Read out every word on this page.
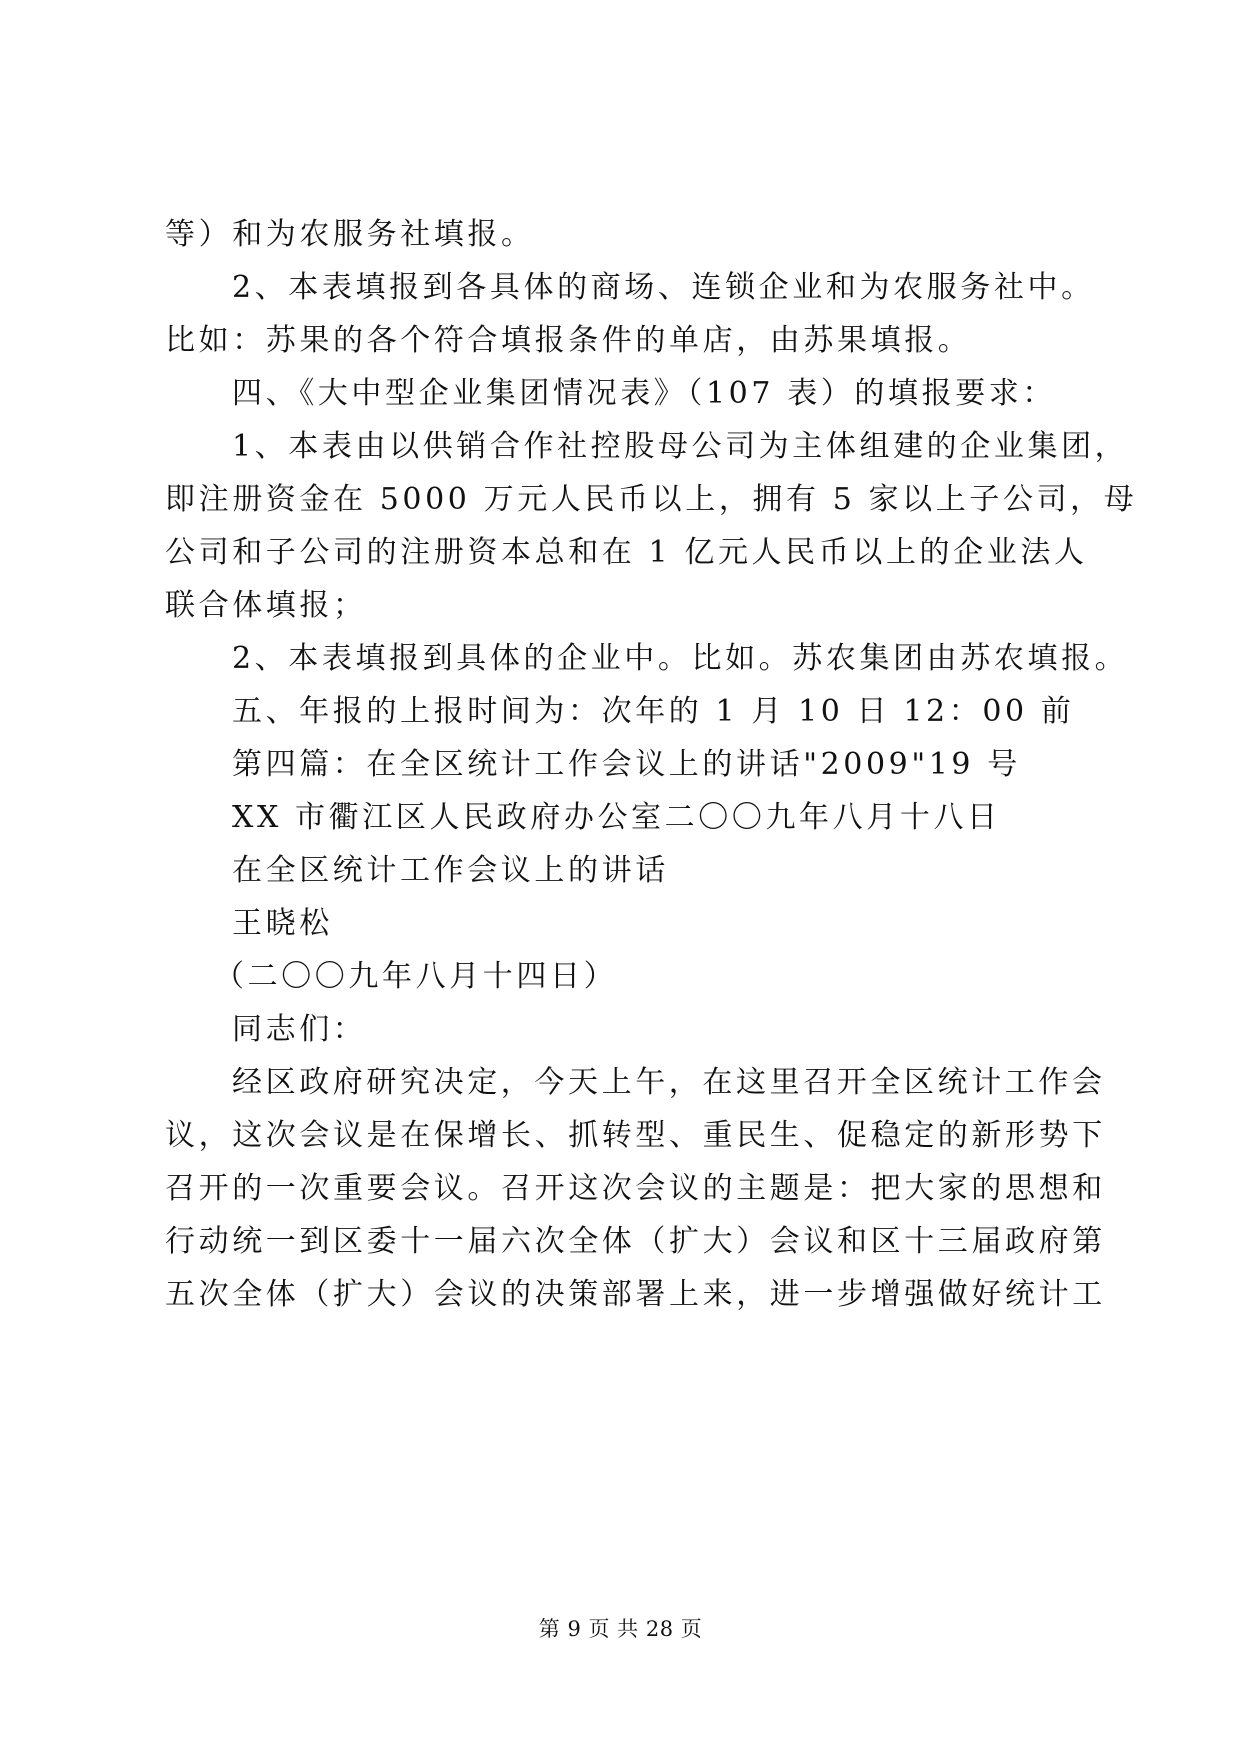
等）和为农服务社填报。
2、本表填报到各具体的商场、连锁企业和为农服务社中。
比如：苏果的各个符合填报条件的单店，由苏果填报。
四、《大中型企业集团情况表》（107 表）的填报要求：
1、本表由以供销合作社控股母公司为主体组建的企业集团，
即注册资金在 5000 万元人民币以上，拥有 5 家以上子公司，母
公司和子公司的注册资本总和在 1 亿元人民币以上的企业法人
联合体填报；
2、本表填报到具体的企业中。比如。苏农集团由苏农填报。
五、年报的上报时间为：次年的 1 月 10 日 12：00 前
第四篇：在全区统计工作会议上的讲话"2009"19 号
XX 市衢江区人民政府办公室二〇〇九年八月十八日
在全区统计工作会议上的讲话
王晓松
（二〇〇九年八月十四日）
同志们：
经区政府研究决定，今天上午，在这里召开全区统计工作会
议，这次会议是在保增长、抓转型、重民生、促稳定的新形势下
召开的一次重要会议。召开这次会议的主题是：把大家的思想和
行动统一到区委十一届六次全体（扩大）会议和区十三届政府第
五次全体（扩大）会议的决策部署上来，进一步增强做好统计工
第 9 页 共 28 页
